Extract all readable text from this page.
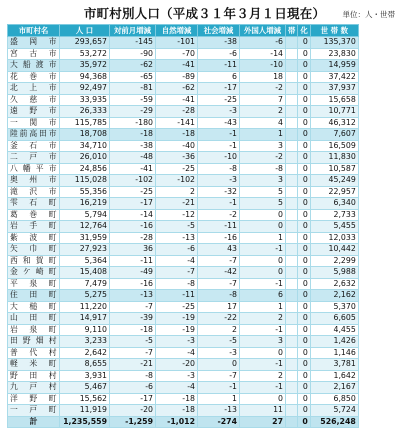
市町村別人口（平成３１年３月１日現在）	単位：人・世帯
市町村名	人 口	対前月増減	自然増減	社会増減	外国人増減	帯	化	世 帯 数
盛岡市	293,657	-145	-101	-38	-6		0	135,370
宮古市	53,272	-90	-70	-6	-14		0	23,830
大船渡市	35,972	-62	-41	-11	-10		0	14,959
花巻市	94,368	-65	-89	6	18		0	37,422
北上市	92,497	-81	-62	-17	-2		0	37,937
久慈市	33,935	-59	-41	-25	7		0	15,658
遠野市	26,333	-29	-28	-3	2		0	10,771
一関市	115,785	-180	-141	-43	4		0	46,312
陸前高田市	18,708	-18	-18	-1	1		0	7,607
釜石市	34,710	-38	-40	-1	3		0	16,509
二戸市	26,010	-48	-36	-10	-2		0	11,830
八幡平市	24,856	-41	-25	-8	-8		0	10,587
奥州市	115,028	-102	-102	-3	3		0	45,249
滝沢市	55,356	-25	2	-32	5		0	22,957
雫石町	16,219	-17	-21	-1	5		0	6,340
葛巻町	5,794	-14	-12	-2	0		0	2,733
岩手町	12,764	-16	-5	-11	0		0	5,455
紫波町	31,959	-28	-13	-16	1		0	12,033
矢巾町	27,923	36	-6	43	-1		0	10,442
西和賀町	5,364	-11	-4	-7	0		0	2,299
金ケ崎町	15,408	-49	-7	-42	0		0	5,988
平泉町	7,479	-16	-8	-7	-1		0	2,632
住田町	5,275	-13	-11	-8	6		0	2,162
大槌町	11,220	-7	-25	17	1		0	5,370
山田町	14,917	-39	-19	-22	2		0	6,605
岩泉町	9,110	-18	-19	2	-1		0	4,455
田野畑村	3,233	-5	-3	-5	3		0	1,426
普代村	2,642	-7	-4	-3	0		0	1,146
軽米町	8,655	-21	-20	0	-1		0	3,781
野田村	3,931	-8	-3	-7	2		0	1,642
九戸村	5,467	-6	-4	-1	-1		0	2,167
洋野町	15,562	-17	-18	1	0		0	6,850
一戸町	11,919	-20	-18	-13	11		0	5,724
計	1,235,559	-1,259	-1,012	-274	27		0	526,248
